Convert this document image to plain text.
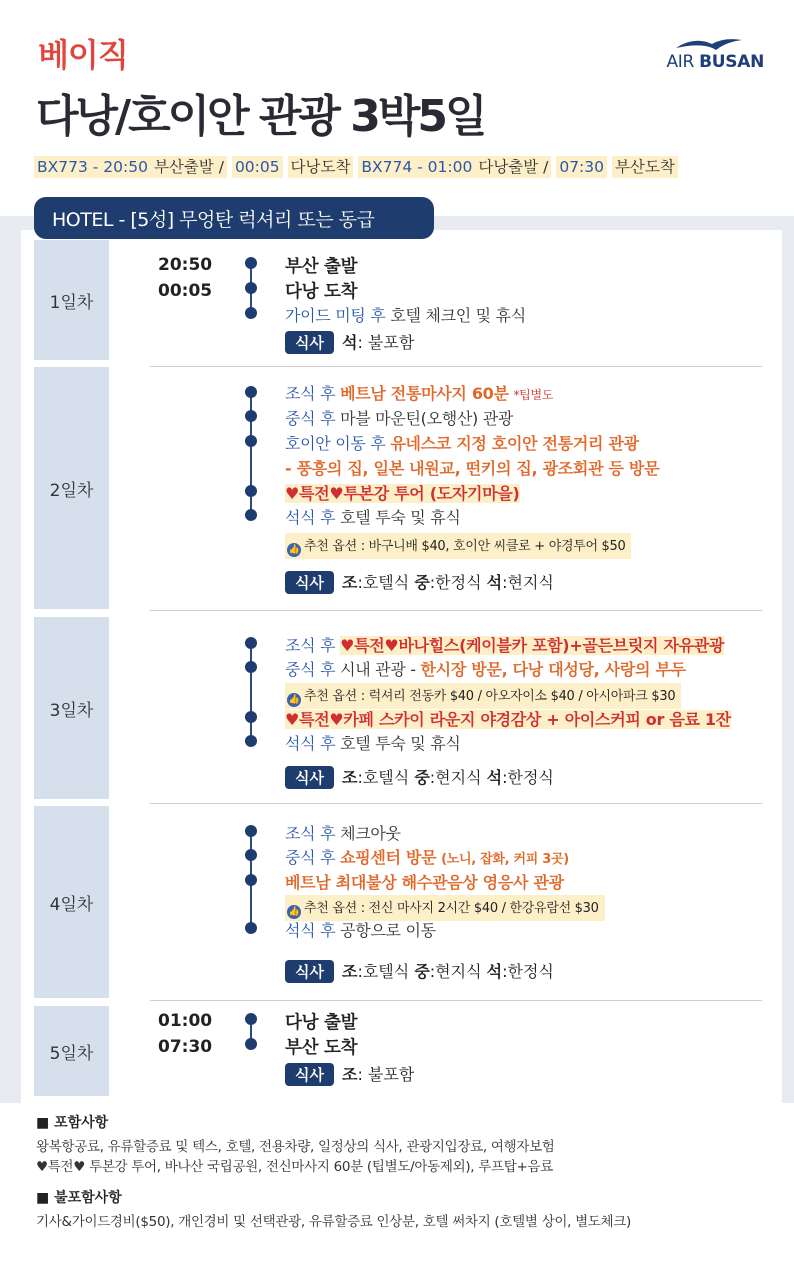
베이직
다낭/호이안 관광 3박5일
AIR BUSAN
BX773 - 20:50 부산출발 / 00:05 다낭도착 BX774 - 01:00 다낭출발 / 07:30 부산도착
HOTEL - [5성] 무엉탄 럭셔리 또는 동급
1일차
2일차
3일차
4일차
5일차
20:50
00:05
부산 출발
다낭 도착
가이드 미팅 후 호텔 체크인 및 휴식
식사 석: 불포함
조식 후 베트남 전통마사지 60분 *팁별도
중식 후 마블 마운틴(오행산) 관광
호이안 이동 후 유네스코 지정 호이안 전통거리 관광
- 풍흥의 집, 일본 내원교, 떤키의 집, 광조회관 등 방문
♥특전♥투본강 투어 (도자기마을)
석식 후 호텔 투숙 및 휴식
👍 추천 옵션 : 바구니배 $40, 호이안 씨클로 + 야경투어 $50
식사 조:호텔식 중:한정식 석:현지식
조식 후 ♥특전♥바나힐스(케이블카 포함)+골든브릿지 자유관광
중식 후 시내 관광 - 한시장 방문, 다낭 대성당, 사랑의 부두
👍 추천 옵션 : 럭셔리 전동카 $40 / 아오자이소 $40 / 아시아파크 $30
♥특전♥카페 스카이 라운지 야경감상 + 아이스커피 or 음료 1잔
석식 후 호텔 투숙 및 휴식
식사 조:호텔식 중:현지식 석:한정식
조식 후 체크아웃
중식 후 쇼핑센터 방문 (노니, 잡화, 커피 3곳)
베트남 최대불상 해수관음상 영응사 관광
👍 추천 옵션 : 전신 마사지 2시간 $40 / 한강유람선 $30
석식 후 공항으로 이동
식사 조:호텔식 중:현지식 석:한정식
01:00
07:30
다낭 출발
부산 도착
식사 조: 불포함
■ 포함사항
왕복항공료, 유류할증료 및 텍스, 호텔, 전용차량, 일정상의 식사, 관광지입장료, 여행자보험
♥특전♥ 투본강 투어, 바나산 국립공원, 전신마사지 60분 (팁별도/아동제외), 루프탑+음료
■ 불포함사항
기사&가이드경비($50), 개인경비 및 선택관광, 유류할증료 인상분, 호텔 써차지 (호텔별 상이, 별도체크)
